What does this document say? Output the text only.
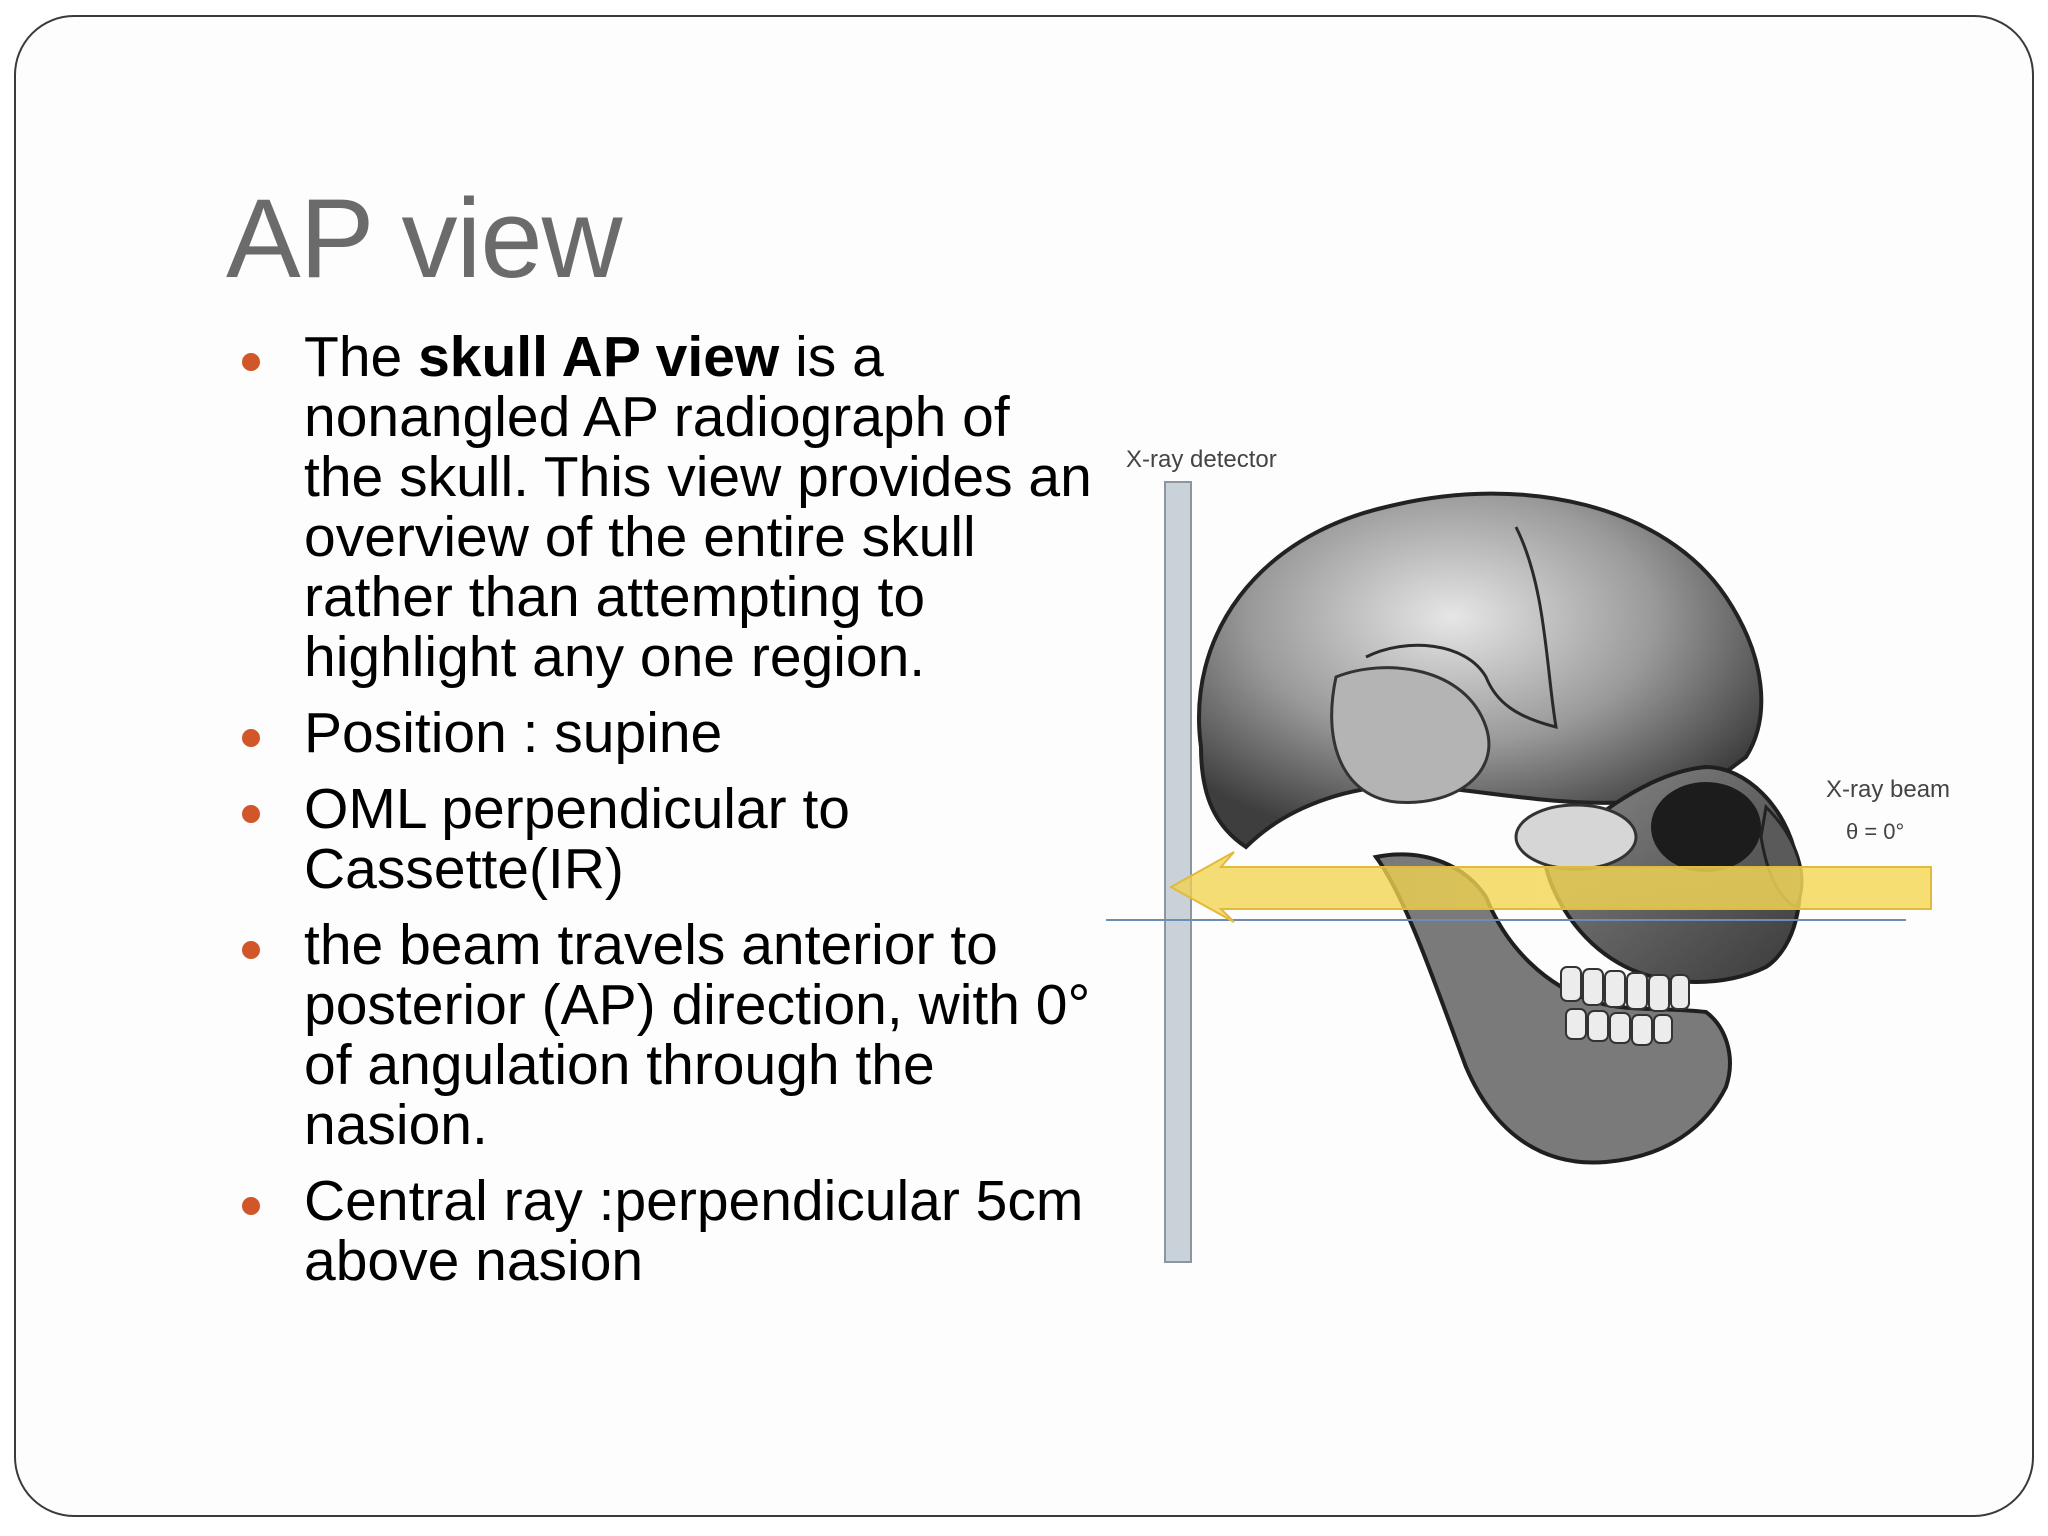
AP view
The skull AP view is a nonangled AP radiograph of the skull. This view provides an overview of the entire skull rather than attempting to highlight any one region.
Position : supine
OML perpendicular to Cassette(IR)
the beam travels anterior to posterior (AP) direction, with 0° of angulation through the nasion.
Central ray :perpendicular 5cm above nasion
X-ray detector
X-ray beam
θ = 0°
